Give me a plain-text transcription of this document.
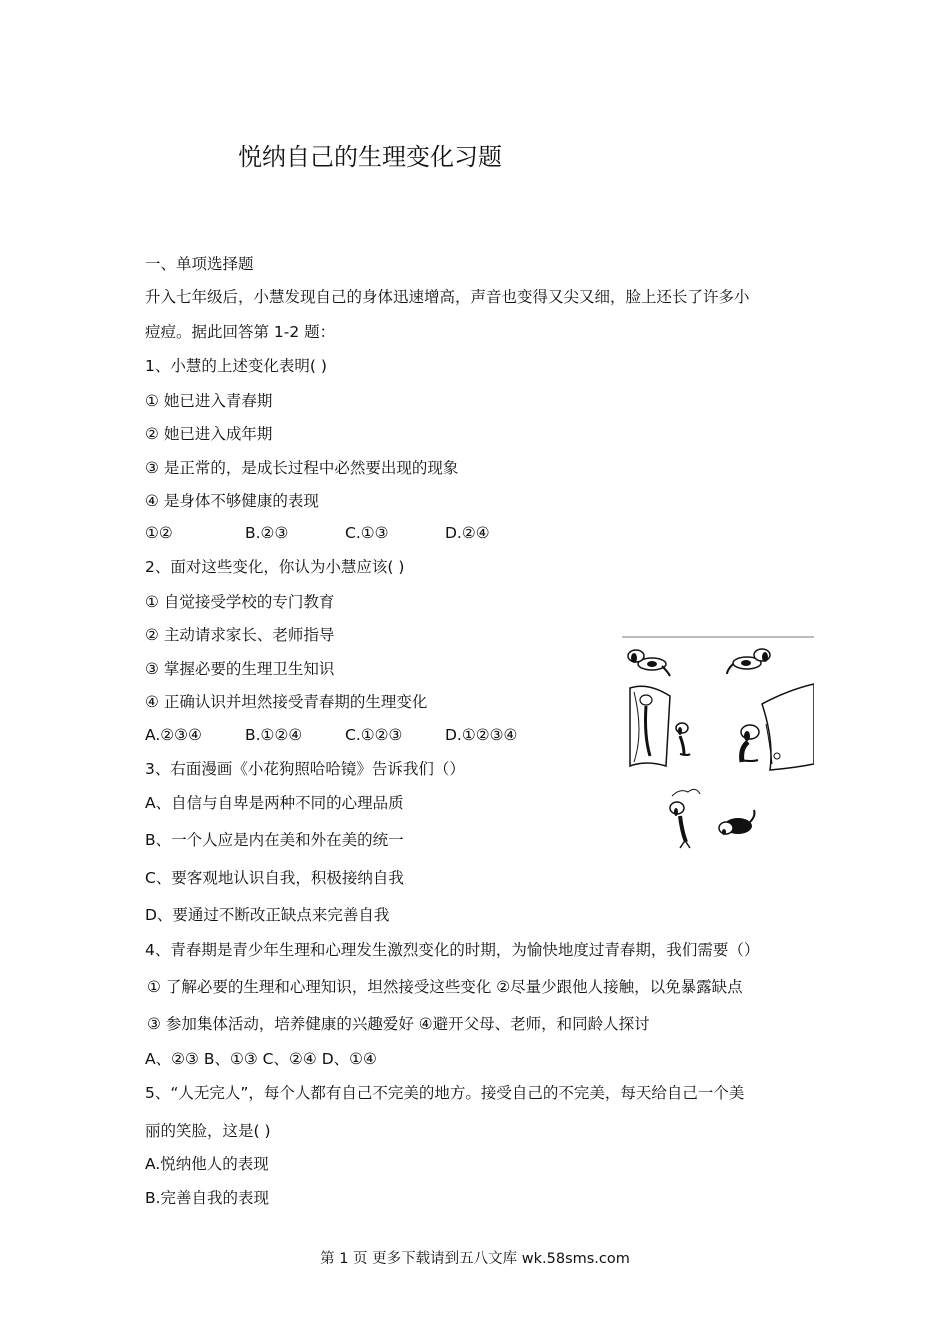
悦纳自己的生理变化习题
一、单项选择题
升入七年级后，小慧发现自己的身体迅速增高，声音也变得又尖又细，脸上还长了许多小
痘痘。据此回答第 1-2 题：
1、小慧的上述变化表明( )
① 她已进入青春期
② 她已进入成年期
③ 是正常的，是成长过程中必然要出现的现象
④ 是身体不够健康的表现
①②	B.②③	C.①③	D.②④
2、面对这些变化，你认为小慧应该( )
① 自觉接受学校的专门教育
② 主动请求家长、老师指导
③ 掌握必要的生理卫生知识
④ 正确认识并坦然接受青春期的生理变化
A.②③④	B.①②④	C.①②③	D.①②③④
3、右面漫画《小花狗照哈哈镜》告诉我们（）
A、自信与自卑是两种不同的心理品质
B、一个人应是内在美和外在美的统一
C、要客观地认识自我，积极接纳自我
D、要通过不断改正缺点来完善自我
4、青春期是青少年生理和心理发生激烈变化的时期，为愉快地度过青春期，我们需要（）
① 了解必要的生理和心理知识，坦然接受这些变化 ②尽量少跟他人接触，以免暴露缺点
③ 参加集体活动，培养健康的兴趣爱好 ④避开父母、老师，和同龄人探讨
A、②③ B、①③ C、②④ D、①④
5、“人无完人”，每个人都有自己不完美的地方。接受自己的不完美，每天给自己一个美
丽的笑脸，这是( )
A.悦纳他人的表现
B.完善自我的表现
第 1 页 更多下载请到五八文库 wk.58sms.com
